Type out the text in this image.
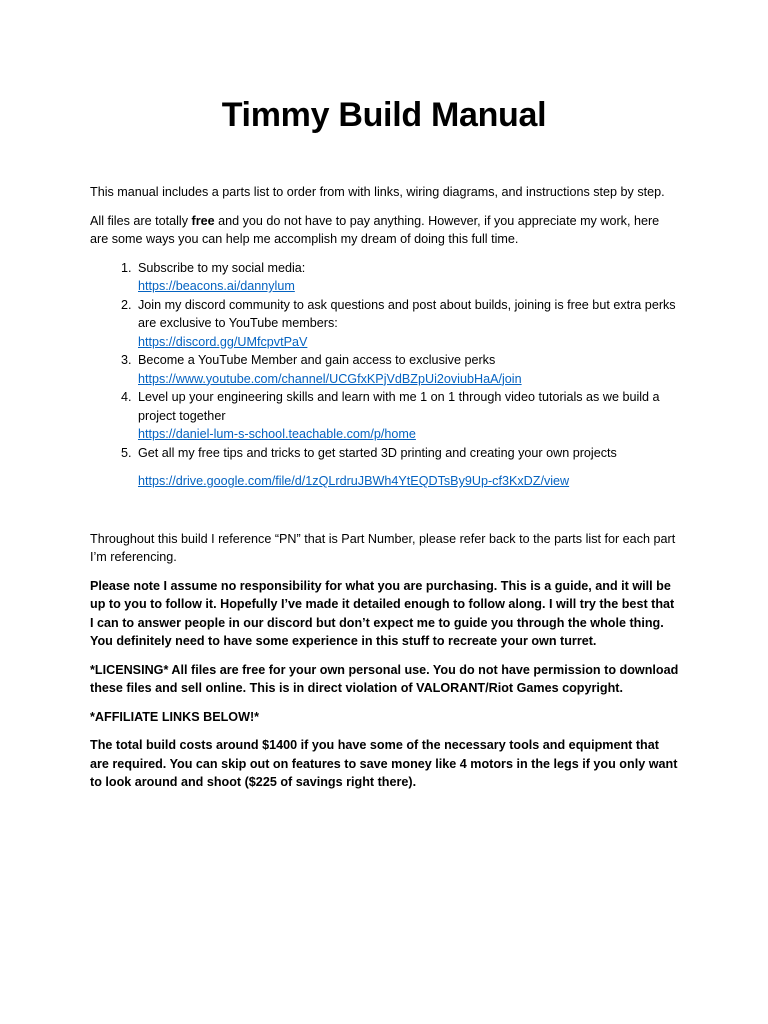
Timmy Build Manual

This manual includes a parts list to order from with links, wiring diagrams, and instructions step by step.

All files are totally free and you do not have to pay anything. However, if you appreciate my work, here are some ways you can help me accomplish my dream of doing this full time.

1. Subscribe to my social media:
https://beacons.ai/dannylum
2. Join my discord community to ask questions and post about builds, joining is free but extra perks are exclusive to YouTube members:
https://discord.gg/UMfcpvtPaV
3. Become a YouTube Member and gain access to exclusive perks
https://www.youtube.com/channel/UCGfxKPjVdBZpUi2oviubHaA/join
4. Level up your engineering skills and learn with me 1 on 1 through video tutorials as we build a project together
https://daniel-lum-s-school.teachable.com/p/home
5. Get all my free tips and tricks to get started 3D printing and creating your own projects
https://drive.google.com/file/d/1zQLrdruJBWh4YtEQDTsBy9Up-cf3KxDZ/view

Throughout this build I reference “PN” that is Part Number, please refer back to the parts list for each part I’m referencing.

Please note I assume no responsibility for what you are purchasing. This is a guide, and it will be up to you to follow it. Hopefully I’ve made it detailed enough to follow along. I will try the best that I can to answer people in our discord but don’t expect me to guide you through the whole thing. You definitely need to have some experience in this stuff to recreate your own turret.

*LICENSING* All files are free for your own personal use. You do not have permission to download these files and sell online. This is in direct violation of VALORANT/Riot Games copyright.

*AFFILIATE LINKS BELOW!*

The total build costs around $1400 if you have some of the necessary tools and equipment that are required. You can skip out on features to save money like 4 motors in the legs if you only want to look around and shoot ($225 of savings right there).
